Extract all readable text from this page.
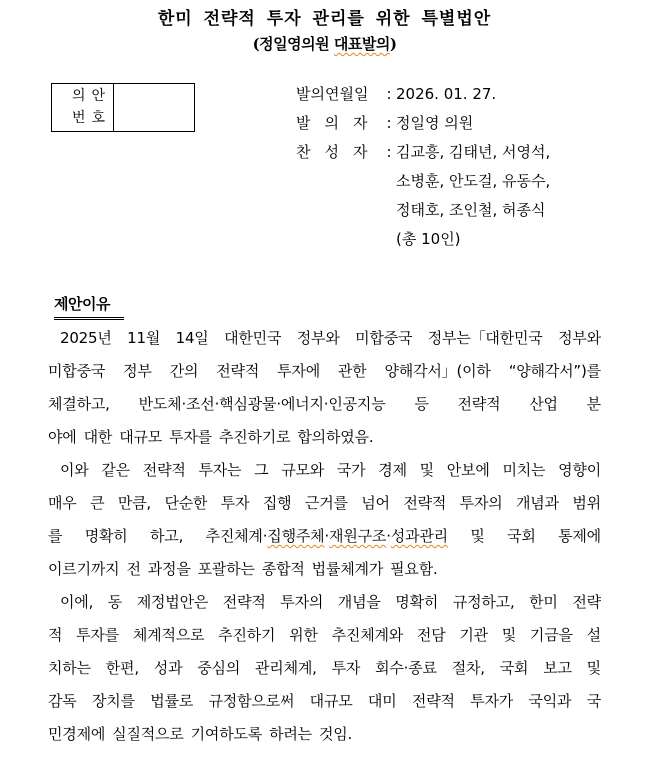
한미 전략적 투자 관리를 위한 특별법안
(정일영의원 대표발의)
의안
번호
발의연월일	: 2026. 01. 27.
발의자 : 정일영 의원
찬성자 : 김교흥, 김태년, 서영석,
소병훈, 안도걸, 유동수,
정태호, 조인철, 허종식
(총 10인)
제안이유
2025년 11월 14일 대한민국 정부와 미합중국 정부는「대한민국 정부와
미합중국 정부 간의 전략적 투자에 관한 양해각서」(이하 “양해각서”)를
체결하고, 반도체·조선·핵심광물·에너지·인공지능 등 전략적 산업 분
야에 대한 대규모 투자를 추진하기로 합의하였음.
이와 같은 전략적 투자는 그 규모와 국가 경제 및 안보에 미치는 영향이
매우 큰 만큼, 단순한 투자 집행 근거를 넘어 전략적 투자의 개념과 범위
를 명확히 하고, 추진체계·집행주체·재원구조·성과관리 및 국회 통제에
이르기까지 전 과정을 포괄하는 종합적 법률체계가 필요함.
이에, 동 제정법안은 전략적 투자의 개념을 명확히 규정하고, 한미 전략
적 투자를 체계적으로 추진하기 위한 추진체계와 전담 기관 및 기금을 설
치하는 한편, 성과 중심의 관리체계, 투자 회수·종료 절차, 국회 보고 및
감독 장치를 법률로 규정함으로써 대규모 대미 전략적 투자가 국익과 국
민경제에 실질적으로 기여하도록 하려는 것임.
